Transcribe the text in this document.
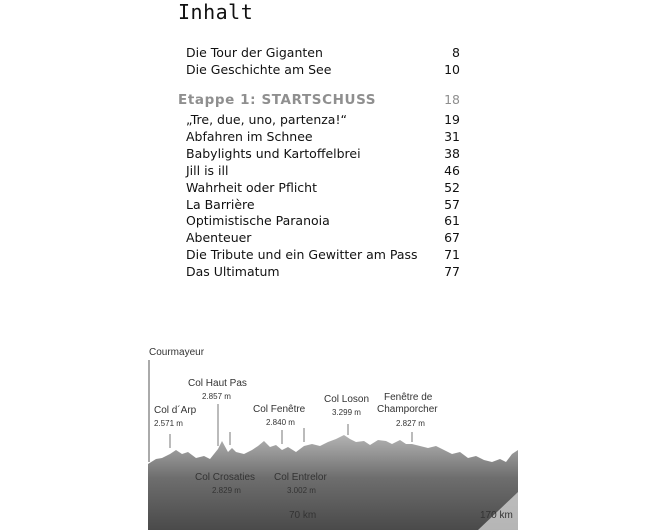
Inhalt
Die Tour der Giganten	8
Die Geschichte am See	10
Etappe 1: STARTSCHUSS	18
„Tre, due, uno, partenza!“	19
Abfahren im Schnee	31
Babylights und Kartoffelbrei	38
Jill is ill	46
Wahrheit oder Pflicht	52
La Barrière	57
Optimistische Paranoia	61
Abenteuer	67
Die Tribute und ein Gewitter am Pass 71
Das Ultimatum	77
Courmayeur
Col Haut Pas
2.857 m
Col d´Arp
2.571 m
Col Fenêtre
2.840 m
Col Loson
3.299 m
Fenêtre de
Champorcher
2.827 m
Col Crosaties
2.829 m
Col Entrelor
3.002 m
70 km	170 km
